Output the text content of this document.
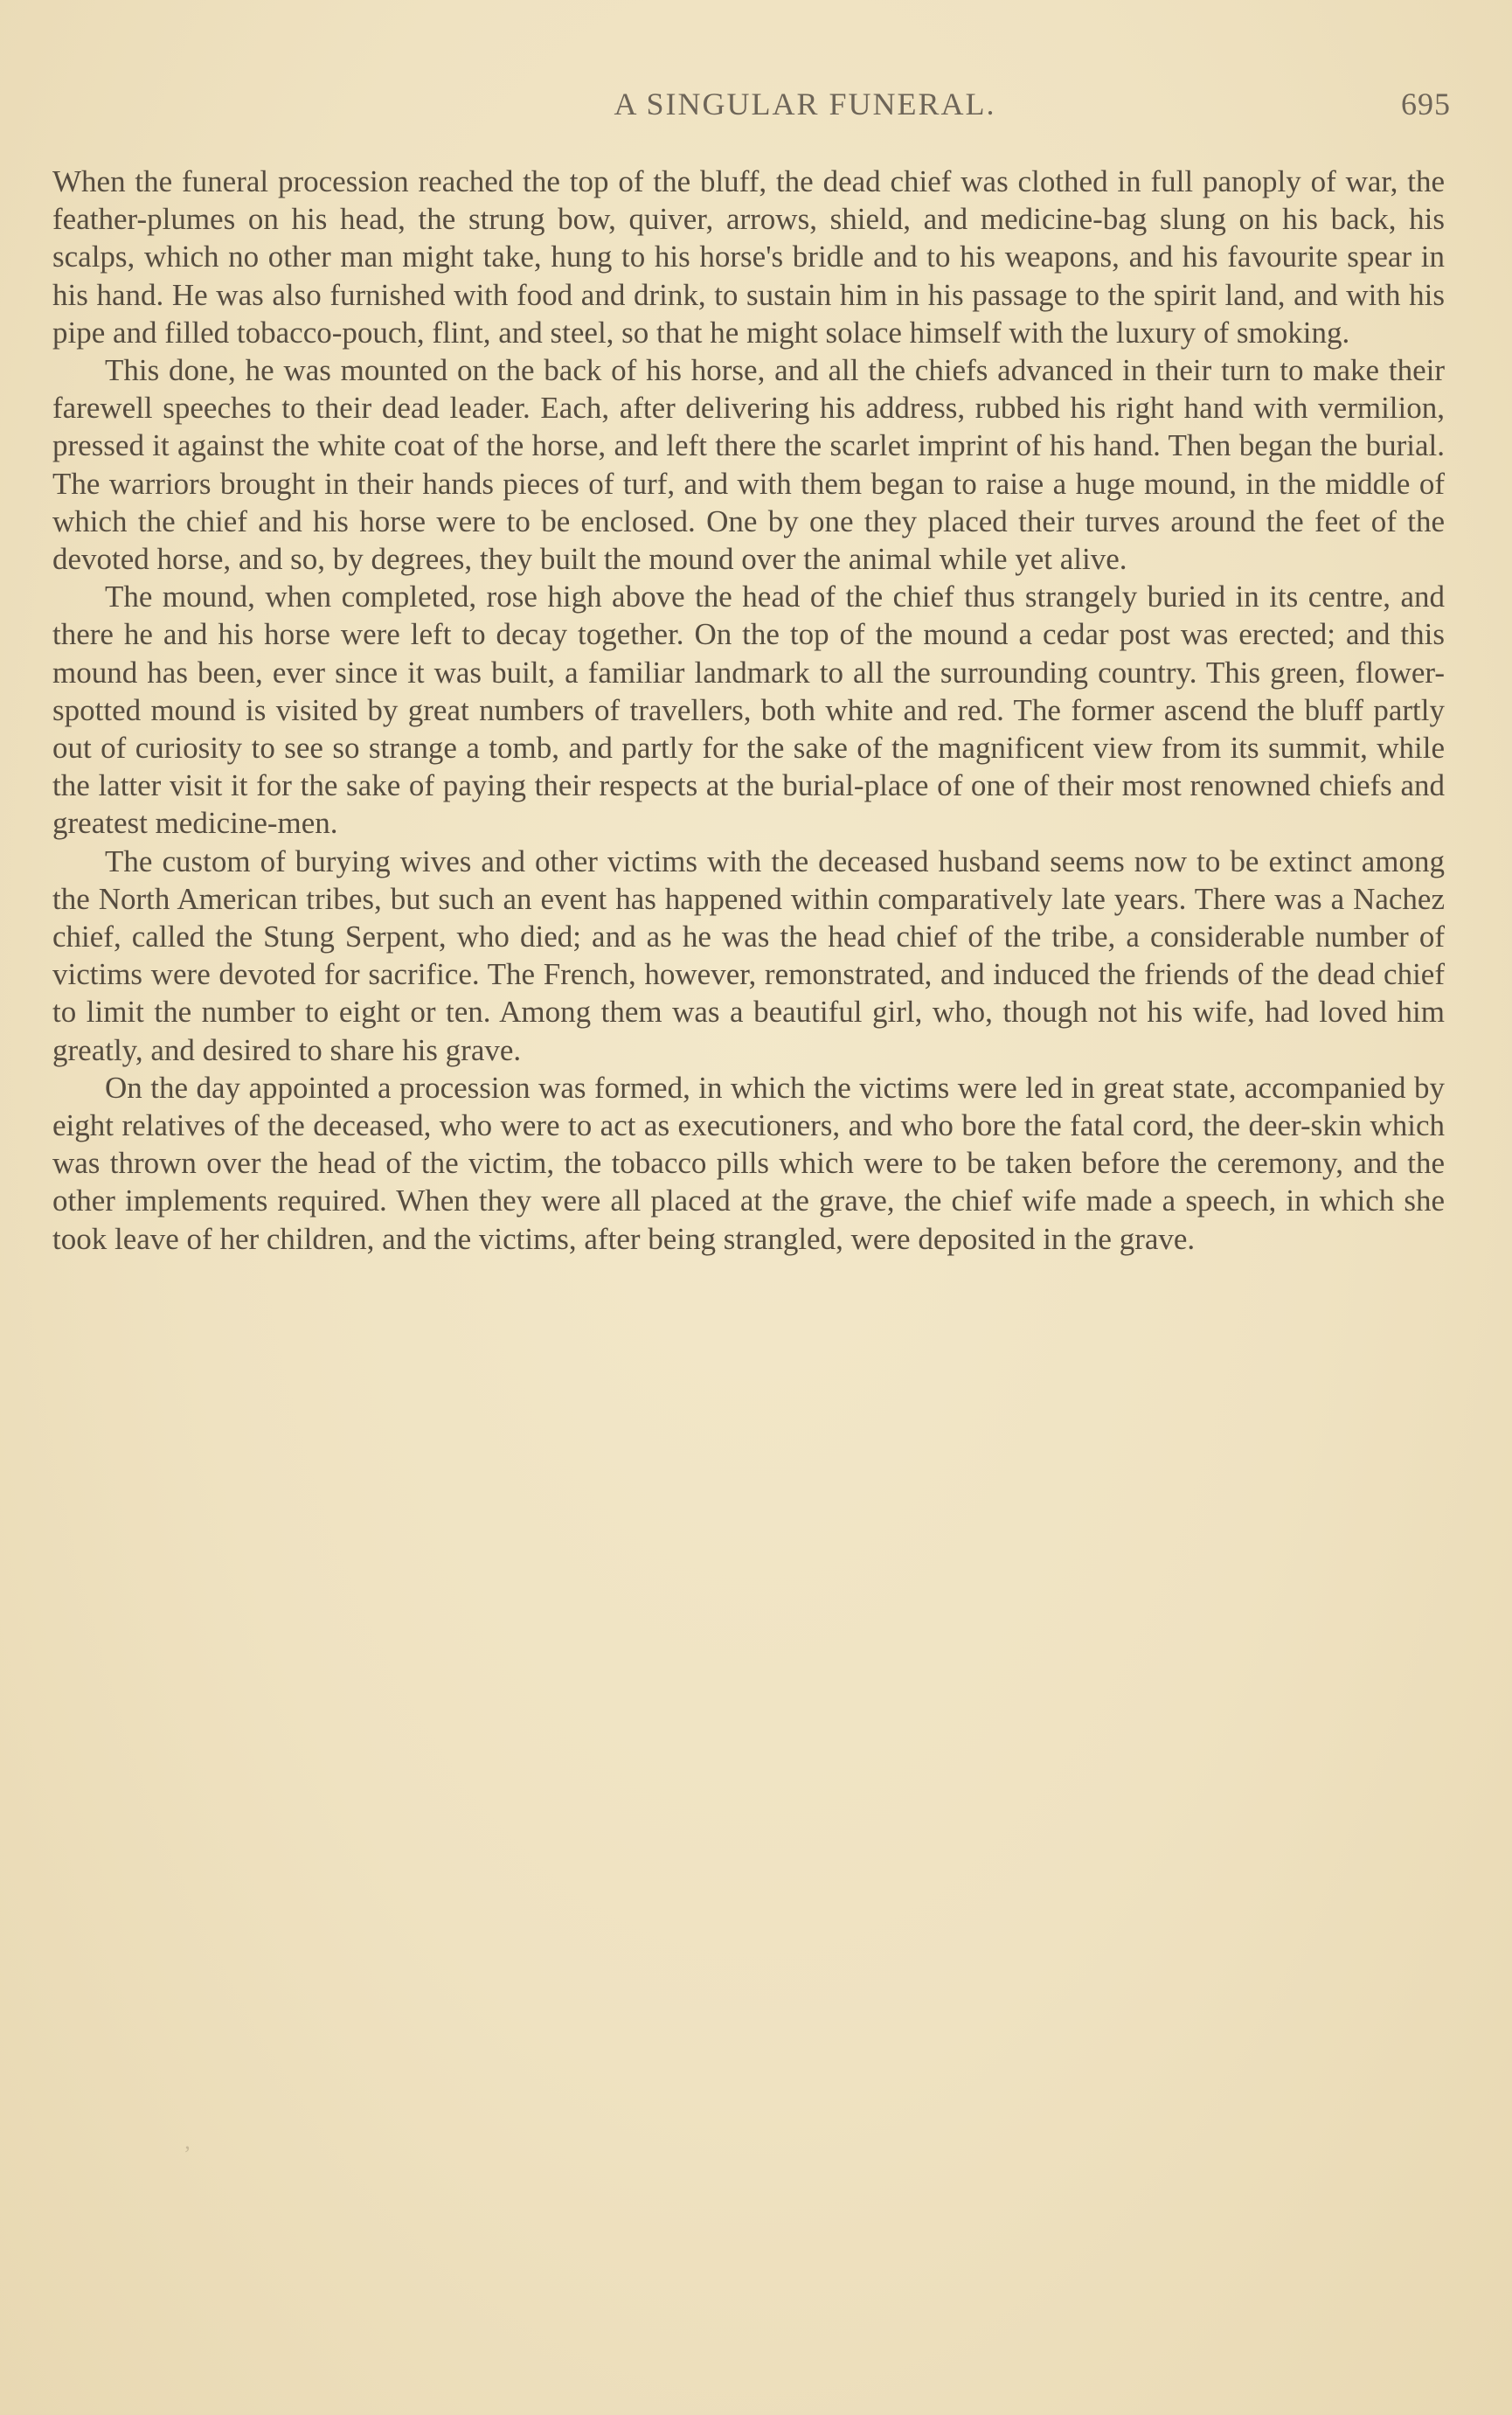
A SINGULAR FUNERAL.	695

When the funeral procession reached the top of the bluff, the dead chief was clothed in full panoply of war, the feather-plumes on his head, the strung bow, quiver, arrows, shield, and medicine-bag slung on his back, his scalps, which no other man might take, hung to his horse's bridle and to his weapons, and his favourite spear in his hand. He was also furnished with food and drink, to sustain him in his passage to the spirit land, and with his pipe and filled tobacco-pouch, flint, and steel, so that he might solace himself with the luxury of smoking.

This done, he was mounted on the back of his horse, and all the chiefs advanced in their turn to make their farewell speeches to their dead leader. Each, after delivering his address, rubbed his right hand with vermilion, pressed it against the white coat of the horse, and left there the scarlet imprint of his hand. Then began the burial. The warriors brought in their hands pieces of turf, and with them began to raise a huge mound, in the middle of which the chief and his horse were to be enclosed. One by one they placed their turves around the feet of the devoted horse, and so, by degrees, they built the mound over the animal while yet alive.

The mound, when completed, rose high above the head of the chief thus strangely buried in its centre, and there he and his horse were left to decay together. On the top of the mound a cedar post was erected; and this mound has been, ever since it was built, a familiar landmark to all the surrounding country. This green, flower-spotted mound is visited by great numbers of travellers, both white and red. The former ascend the bluff partly out of curiosity to see so strange a tomb, and partly for the sake of the magnificent view from its summit, while the latter visit it for the sake of paying their respects at the burial-place of one of their most renowned chiefs and greatest medicine-men.

The custom of burying wives and other victims with the deceased husband seems now to be extinct among the North American tribes, but such an event has happened within comparatively late years. There was a Nachez chief, called the Stung Serpent, who died; and as he was the head chief of the tribe, a considerable number of victims were devoted for sacrifice. The French, however, remonstrated, and induced the friends of the dead chief to limit the number to eight or ten. Among them was a beautiful girl, who, though not his wife, had loved him greatly, and desired to share his grave.

On the day appointed a procession was formed, in which the victims were led in great state, accompanied by eight relatives of the deceased, who were to act as executioners, and who bore the fatal cord, the deer-skin which was thrown over the head of the victim, the tobacco pills which were to be taken before the ceremony, and the other implements required. When they were all placed at the grave, the chief wife made a speech, in which she took leave of her children, and the victims, after being strangled, were deposited in the grave.

‚
